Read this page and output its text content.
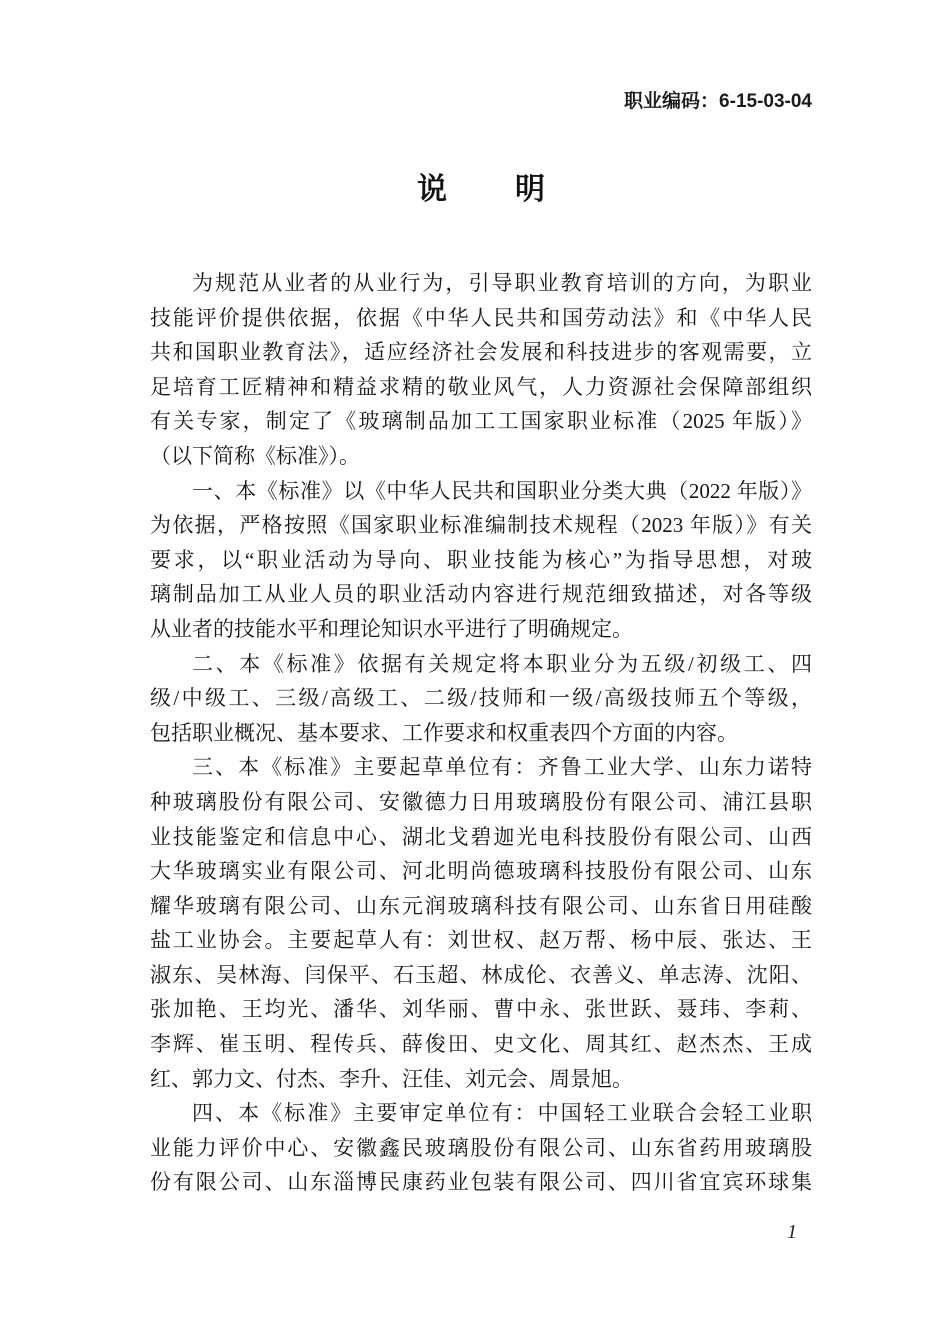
职业编码：6-15-03-04
说　明
为规范从业者的从业行为，引导职业教育培训的方向，为职业
技能评价提供依据，依据《中华人民共和国劳动法》和《中华人民
共和国职业教育法》，适应经济社会发展和科技进步的客观需要，立
足培育工匠精神和精益求精的敬业风气，人力资源社会保障部组织
有关专家，制定了《玻璃制品加工工国家职业标准（2025 年版）》
（以下简称《标准》）。
一、本《标准》以《中华人民共和国职业分类大典（2022 年版）》
为依据，严格按照《国家职业标准编制技术规程（2023 年版）》有关
要求，以“职业活动为导向、职业技能为核心”为指导思想，对玻
璃制品加工从业人员的职业活动内容进行规范细致描述，对各等级
从业者的技能水平和理论知识水平进行了明确规定。
二、本《标准》依据有关规定将本职业分为五级/初级工、四
级/中级工、三级/高级工、二级/技师和一级/高级技师五个等级，
包括职业概况、基本要求、工作要求和权重表四个方面的内容。
三、本《标准》主要起草单位有：齐鲁工业大学、山东力诺特
种玻璃股份有限公司、安徽德力日用玻璃股份有限公司、浦江县职
业技能鉴定和信息中心、湖北戈碧迦光电科技股份有限公司、山西
大华玻璃实业有限公司、河北明尚德玻璃科技股份有限公司、山东
耀华玻璃有限公司、山东元润玻璃科技有限公司、山东省日用硅酸
盐工业协会。主要起草人有：刘世权、赵万帮、杨中辰、张达、王
淑东、吴林海、闫保平、石玉超、林成伦、衣善义、单志涛、沈阳、
张加艳、王均光、潘华、刘华丽、曹中永、张世跃、聂玮、李莉、
李辉、崔玉明、程传兵、薛俊田、史文化、周其红、赵杰杰、王成
红、郭力文、付杰、李升、汪佳、刘元会、周景旭。
四、本《标准》主要审定单位有：中国轻工业联合会轻工业职
业能力评价中心、安徽鑫民玻璃股份有限公司、山东省药用玻璃股
份有限公司、山东淄博民康药业包装有限公司、四川省宜宾环球集
1
